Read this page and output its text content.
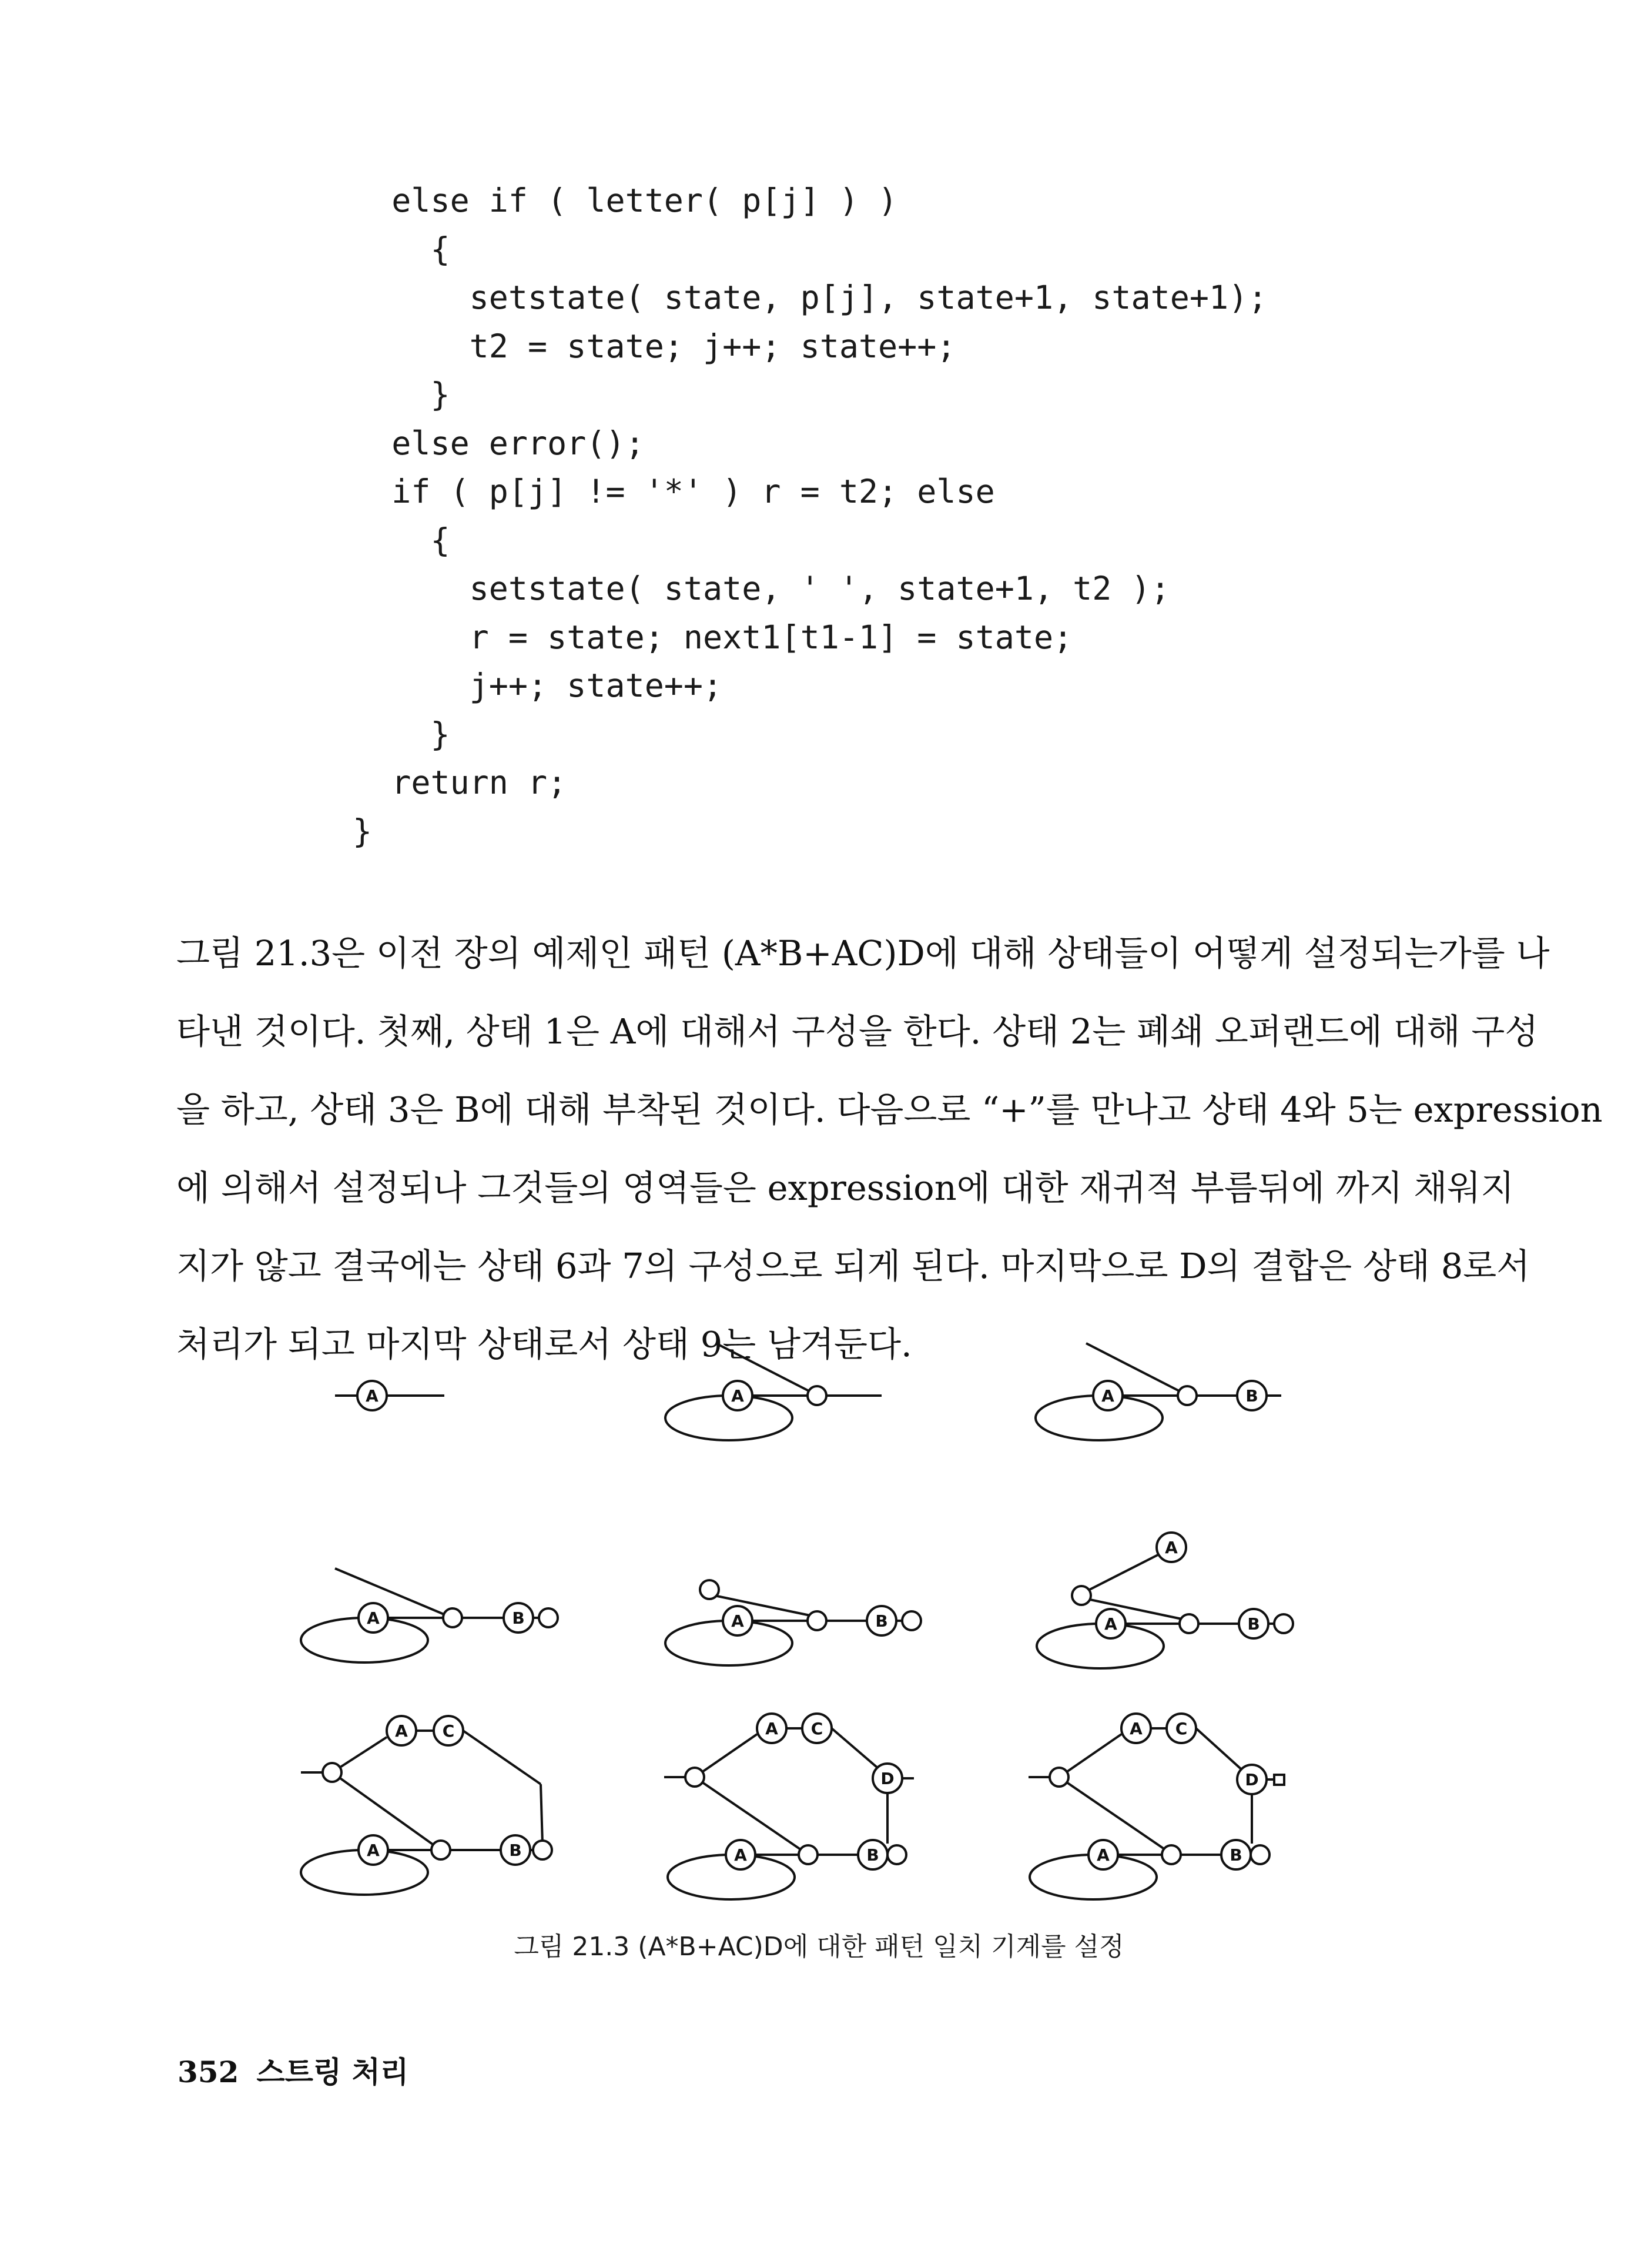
else if ( letter( p[j] ) )
{
setstate( state, p[j], state+1, state+1);
t2 = state; j++; state++;
}
else error();
if ( p[j] != '*' ) r = t2; else
{
setstate( state, ' ', state+1, t2 );
r = state; next1[t1-1] = state;
j++; state++;
}
return r;
}
그림 21.3은 이전 장의 예제인 패턴 (A*B+AC)D에 대해 상태들이 어떻게 설정되는가를 나
타낸 것이다. 첫째, 상태 1은 A에 대해서 구성을 한다. 상태 2는 폐쇄 오퍼랜드에 대해 구성
을 하고, 상태 3은 B에 대해 부착된 것이다. 다음으로 “+”를 만나고 상태 4와 5는 expression
에 의해서 설정되나 그것들의 영역들은 expression에 대한 재귀적 부름뒤에 까지 채워지
지가 않고 결국에는 상태 6과 7의 구성으로 되게 된다. 마지막으로 D의 결합은 상태 8로서
처리가 되고 마지막 상태로서 상태 9는 남겨둔다.
A	A	A	B
A	B	A	B
A
A	B
A C
A	B
A C
D
A	B
A C
D
A	B
그림 21.3 (A*B+AC)D에 대한 패턴 일치 기계를 설정
352 스트링 처리
